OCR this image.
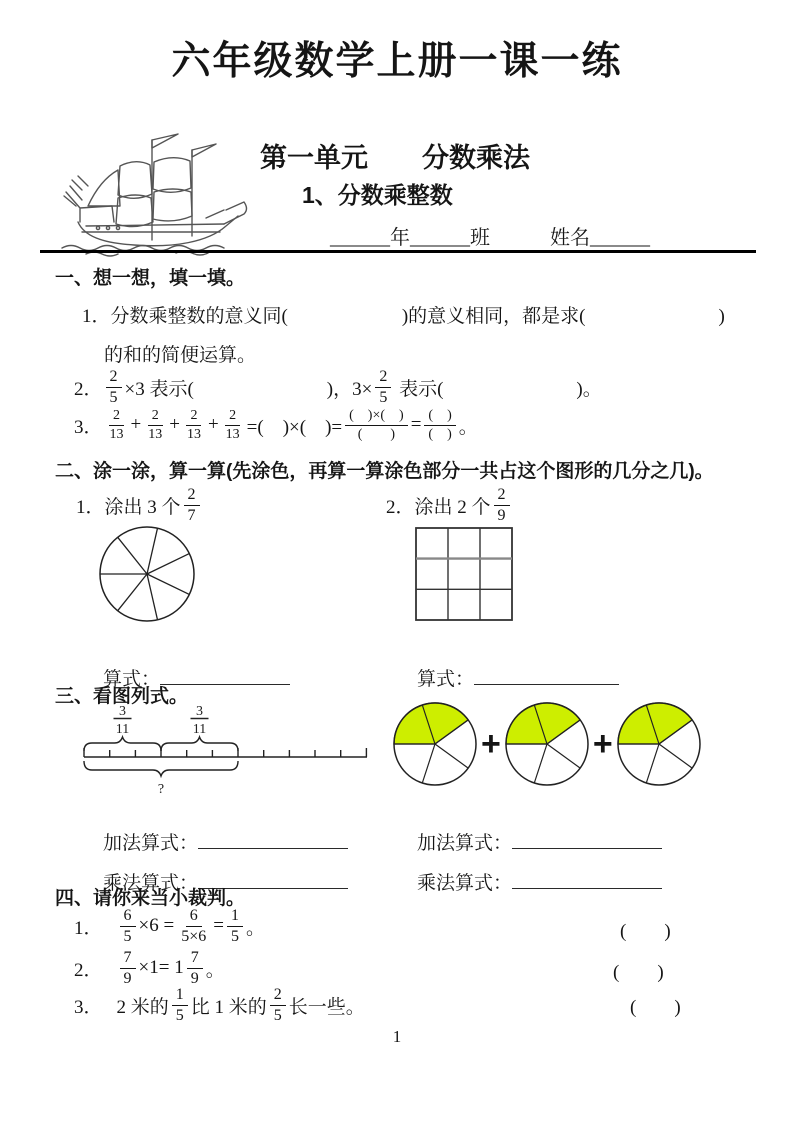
六年级数学上册一课一练
第一单元　　分数乘法
1、分数乘整数
______年______班　　　姓名______
一、想一想，填一填。
1．分数乘整数的意义同(　　　　　　)的意义相同，都是求(　　　　　　　)
的和的简便运算。
2． $\frac{2}{5} \times 3$ 表示(　　　　　　　)，$3\times \frac{2}{5}$ 表示(　　　　　　　)。
3．
2
$13 + \frac{2}{13} + \frac{2}{13} + \frac{2}{13}$ =(　)×(　)=
(　)×(　)
(　　) = (　)
(　) 。
二、涂一涂，算一算(先涂色，再算一算涂色部分一共占这个图形的几分之几)。
1．涂出 3 个
2
7	2．涂出 2 个
2
9

算式：
	算式：

三、看图列式。
3
11
3
11
?
+	+

加法算式：

乘法算式：

加法算式：

乘法算式：

四、请你来当小裁判。
1． $\frac{6}{5} \times 6 = \frac{6}{5\times 6} = \frac{1}{5}$ 。	(　　)
2． $\frac{7}{9} \times 1= 1$ 7
9 。	(　　)
3． 2 米的
1
5 比 1 米的
2
5 长一些。	(　　)
1
